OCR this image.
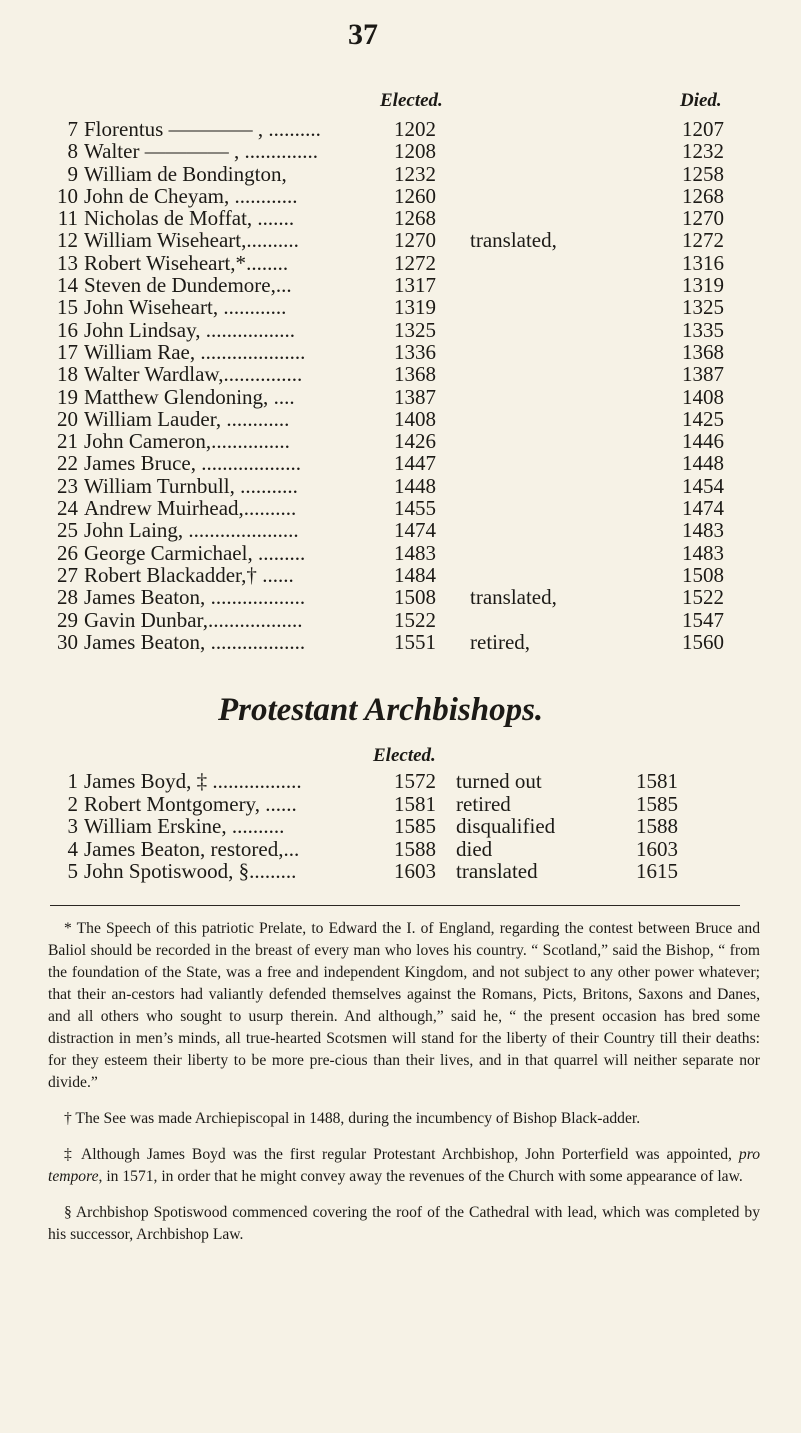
37
Elected.	Died.
7 Florentus ———— , ..........	1202	1207
8 Walter ———— , ..............	1208	1232
9 William de Bondington,	1232	1258
10 John de Cheyam, ............	1260	1268
11 Nicholas de Moffat, .......	1268	1270
12 William Wiseheart,..........	1270 translated,	1272
13 Robert Wiseheart,*........	1272	1316
14 Steven de Dundemore,...	1317	1319
15 John Wiseheart, ............	1319	1325
16 John Lindsay, .................	1325	1335
17 William Rae, ....................	1336	1368
18 Walter Wardlaw,...............	1368	1387
19 Matthew Glendoning, ....	1387	1408
20 William Lauder, ............	1408	1425
21 John Cameron,...............	1426	1446
22 James Bruce, ...................	1447	1448
23 William Turnbull, ...........	1448	1454
24 Andrew Muirhead,..........	1455	1474
25 John Laing, .....................	1474	1483
26 George Carmichael, .........	1483	1483
27 Robert Blackadder,† ......	1484	1508
28 James Beaton, ..................	1508 translated,	1522
29 Gavin Dunbar,..................	1522	1547
30 James Beaton, ..................	1551 retired,	1560
Protestant Archbishops.
Elected.
1 James Boyd, ‡ .................	1572 turned out	1581
2 Robert Montgomery, ......	1581 retired	1585
3 William Erskine, ..........	1585 disqualified	1588
4 James Beaton, restored,...	1588 died	1603
5 John Spotiswood, §.........	1603 translated	1615

* The Speech of this patriotic Prelate, to Edward the I. of England, regarding the contest between Bruce and Baliol should be recorded in the breast of every man who loves his country. “ Scotland,” said the Bishop, “ from the foundation of the State, was a free and independent Kingdom, and not subject to any other power whatever; that their an-cestors had valiantly defended themselves against the Romans, Picts, Britons, Saxons and Danes, and all others who sought to usurp therein. And although,” said he, “ the present occasion has bred some distraction in men’s minds, all true-hearted Scotsmen will stand for the liberty of their Country till their deaths: for they esteem their liberty to be more pre-cious than their lives, and in that quarrel will neither separate nor divide.”

† The See was made Archiepiscopal in 1488, during the incumbency of Bishop Black-adder.

‡ Although James Boyd was the first regular Protestant Archbishop, John Porterfield was appointed, pro tempore, in 1571, in order that he might convey away the revenues of the Church with some appearance of law.

§ Archbishop Spotiswood commenced covering the roof of the Cathedral with lead, which was completed by his successor, Archbishop Law.
